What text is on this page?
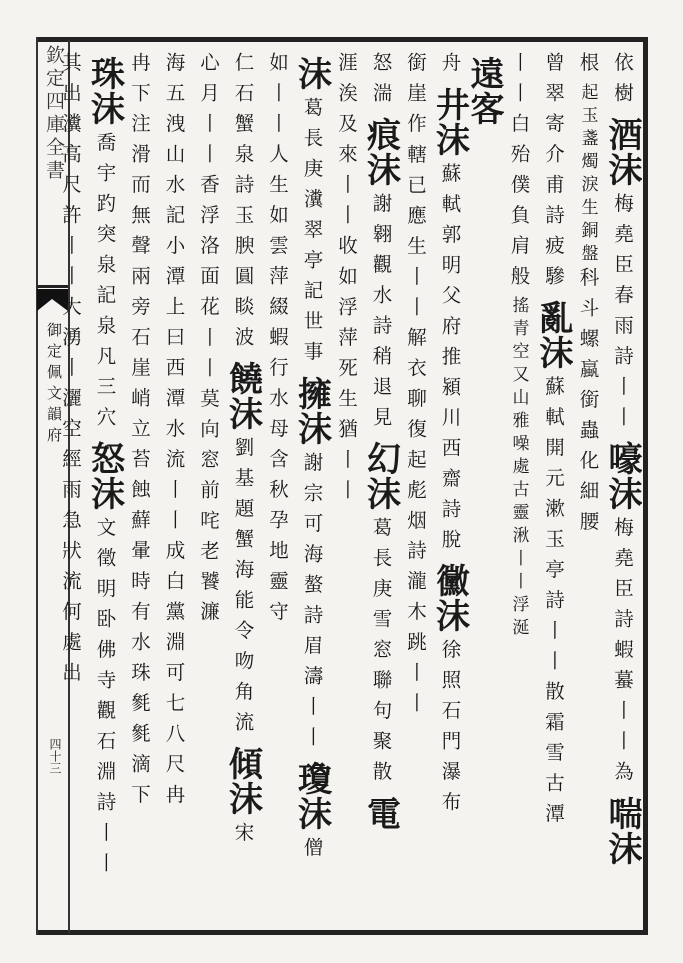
欽定四庫全書
御定佩文韻府
四十三
依樹
酒沫
梅堯臣春雨詩丨丨
嚎沫
梅堯臣詩蝦蟇丨丨為
喘沫
根
起玉盞燭淚生銅盤
科斗螺蠃銜蟲化細腰
曾翠寄介甫詩疲驂
亂沫
蘇軾開元漱玉亭詩丨丨散霜雪古潭
丨丨白殆僕負肩般
搖青空又山雅噪處古靈湫丨丨浮涎
遠客
舟
井沫
蘇軾郭明父府推潁川西齋詩脫
黴沫
徐照石門瀑布
銜崖作
轄已應生丨丨解衣聊復起彪烟
詩瀧木跳丨丨
怒湍
痕沫
謝翱觀水詩稍退見
幻沫
葛長庚雪窓聯句聚散
電
涯涘及來丨丨收
如浮萍死生猶丨丨
沫
葛長庚瀵翠亭記世事
擁沫
謝宗可海螯詩眉濤丨丨
瓊沫
僧
如丨丨人生如雲萍
綴蝦行水母含秋孕地靈
守
仁石蟹泉詩玉腴圓睒波
饒沫
劉基題蟹海能令吻角流
傾沫
宋
心月丨丨香浮洛面花
丨丨莫向窓前咤老饕
濂
海五洩山水記小潭上曰西潭水流丨丨成白黨淵可七八尺冉
冉下注滑而無聲兩旁石崖峭立苔蝕蘚暈時有水珠毿毿滴下
珠沫
喬宇趵突泉記泉凡三穴
怒沫
文徵明卧佛寺觀石淵詩丨丨
其出瀵高尺許丨丨大湧
丨灑空經雨急狀流何處出
